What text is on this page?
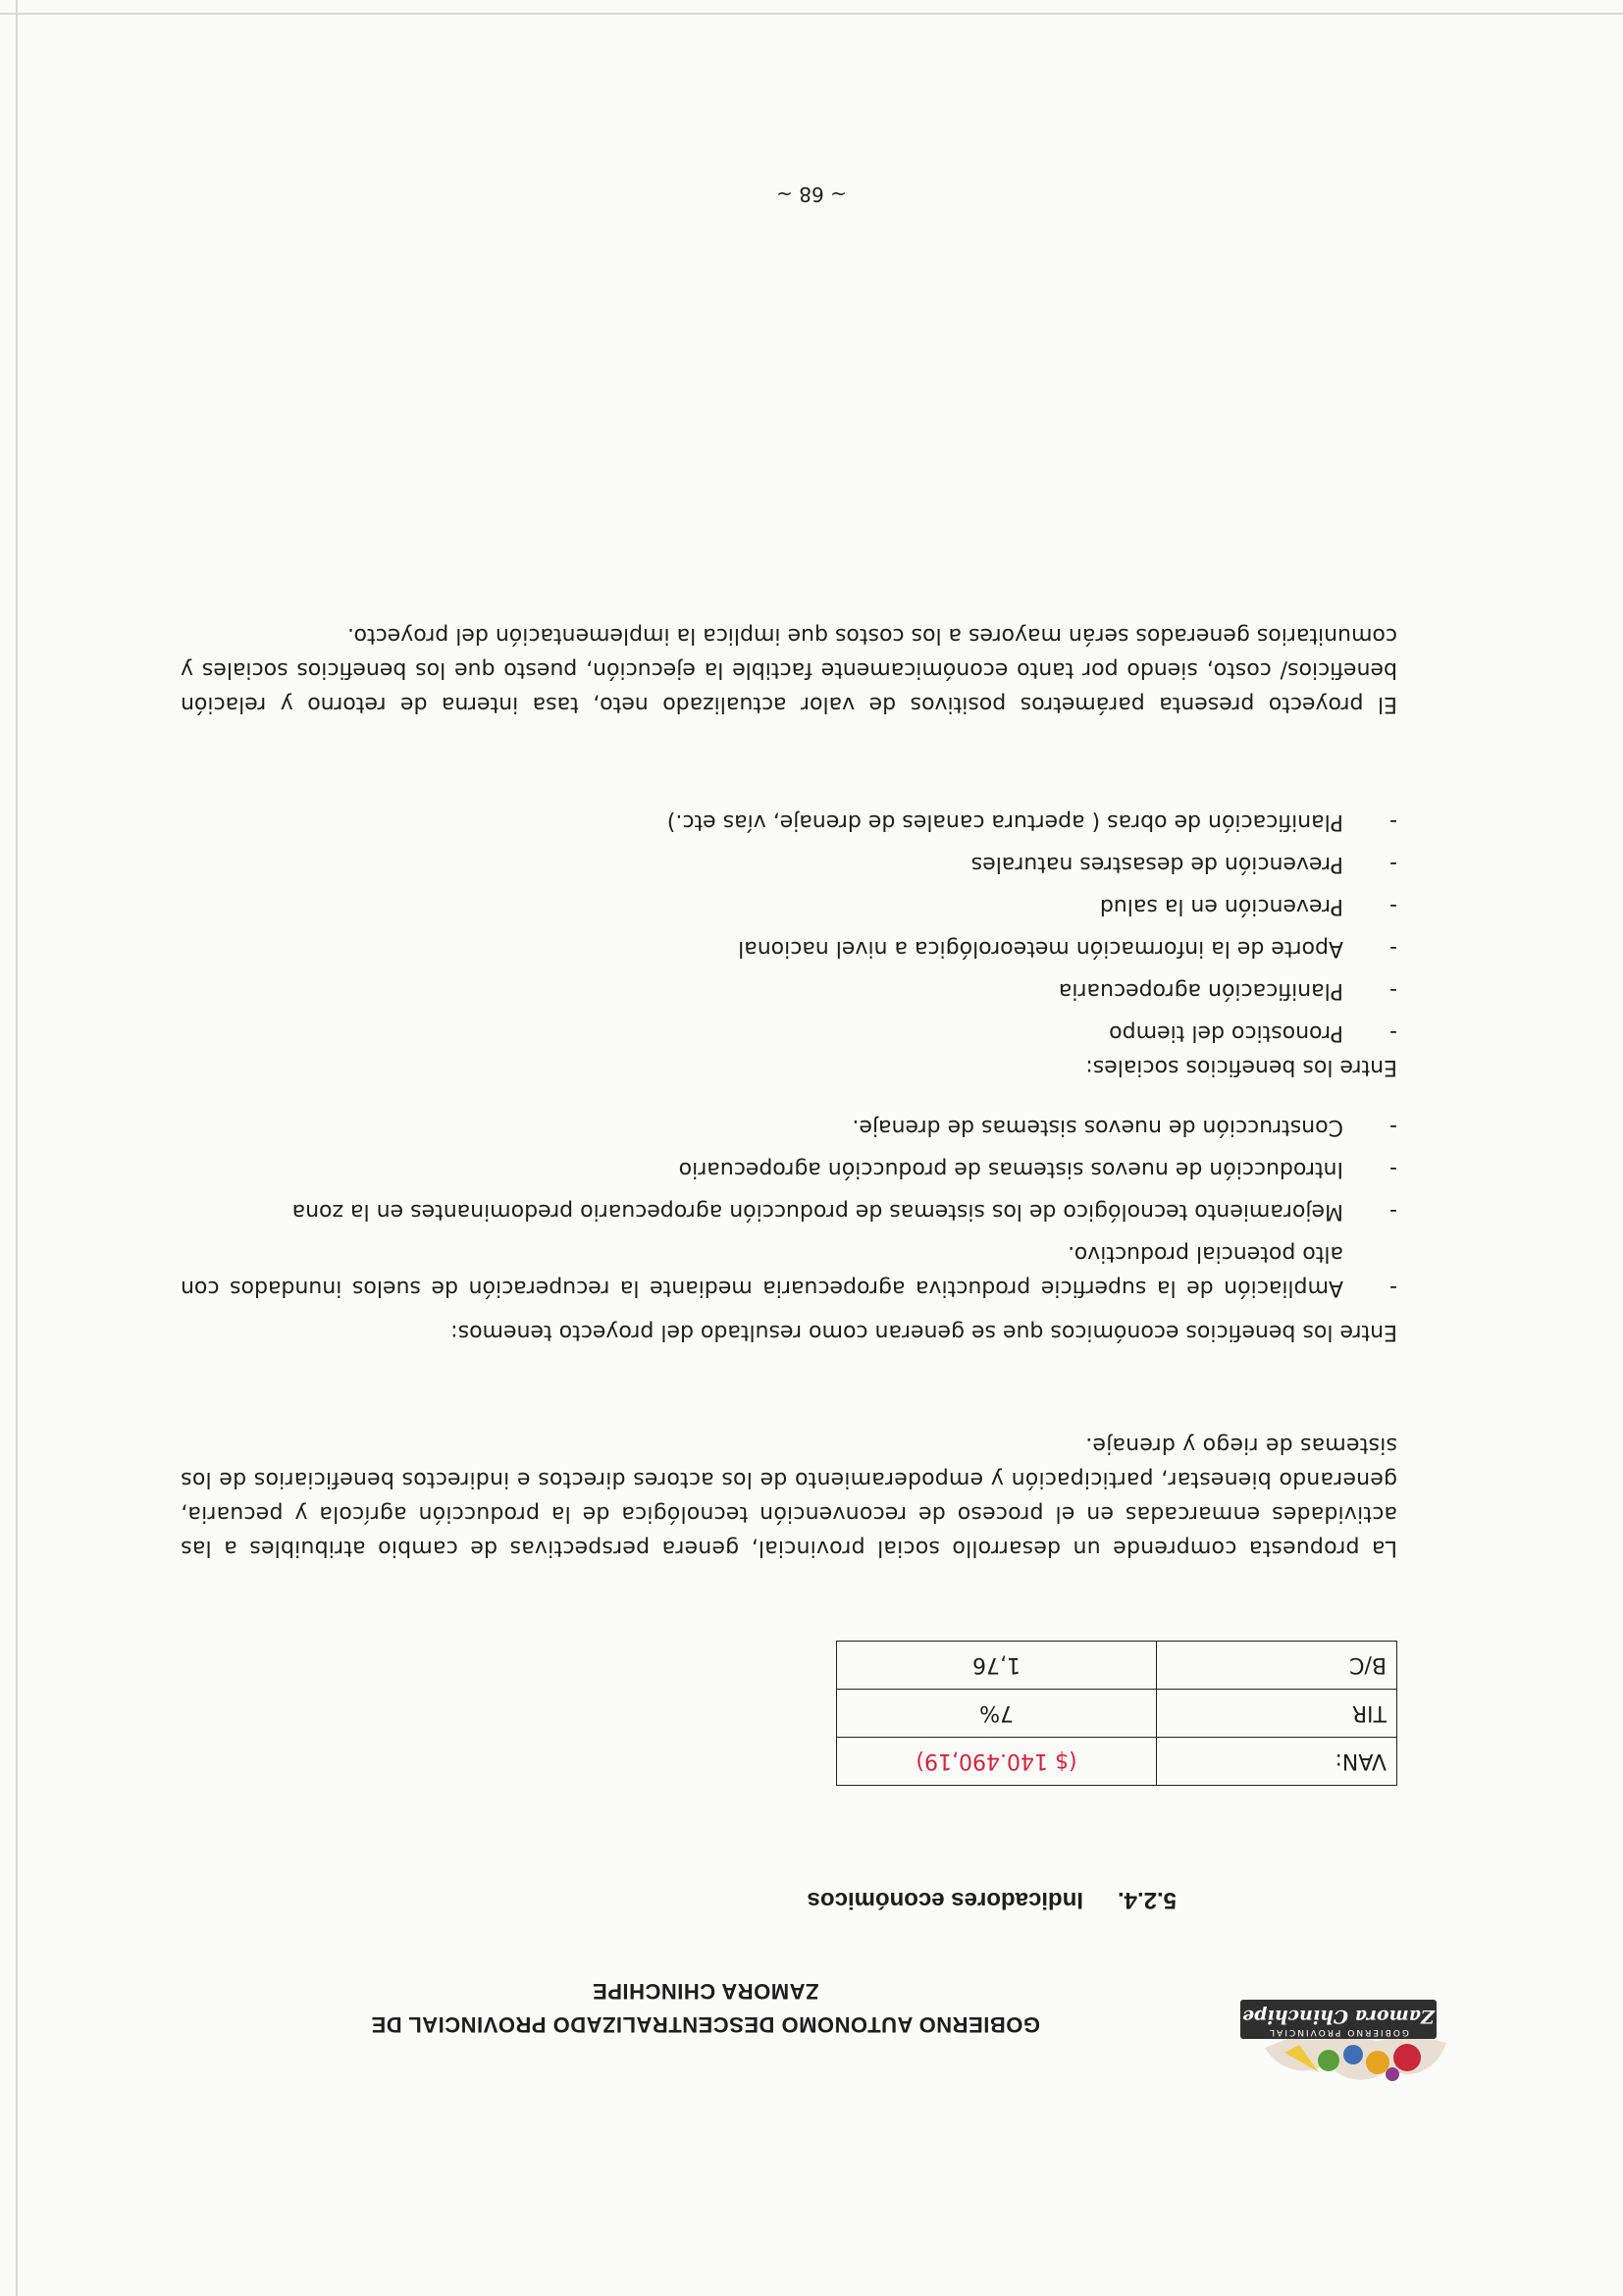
GOBIERNO PROVINCIAL
Zamora Chinchipe
GOBIERNO AUTONOMO DESCENTRALIZADO PROVINCIAL DE
ZAMORA CHINCHIPE
5.2.4.Indicadores económicos
VAN:	($ 140.490,19)
TIR	7%
B/C	1,76
La propuesta comprende un desarrollo social provincial, genera perspectivas de cambio atribuibles a las actividades enmarcadas en el proceso de reconvención tecnológica de la producción agrícola y pecuaria, generando bienestar, participación y empoderamiento de los actores directos e indirectos beneficiarios de los sistemas de riego y drenaje.
Entre los beneficios económicos que se generan como resultado del proyecto tenemos:
-
Ampliación de la superficie productiva agropecuaria mediante la recuperación de suelos inundados con alto potencial productivo.
-
Mejoramiento tecnológico de los sistemas de producción agropecuario predominantes en la zona
-
Introducción de nuevos sistemas de producción agropecuario
-
Construcción de nuevos sistemas de drenaje.
Entre los beneficios sociales:
-
Pronostico del tiempo
-
Planificación agropecuaria
-
Aporte de la información meteorológica a nivel nacional
-
Prevención en la salud
-
Prevención de desastres naturales
-
Planificación de obras ( apertura canales de drenaje, vías etc.)
El proyecto presenta parámetros positivos de valor actualizado neto, tasa interna de retorno y relación beneficios/ costo, siendo por tanto económicamente factible la ejecución, puesto que los beneficios sociales y comunitarios generados serán mayores a los costos que implica la implementación del proyecto.
~ 68 ~
